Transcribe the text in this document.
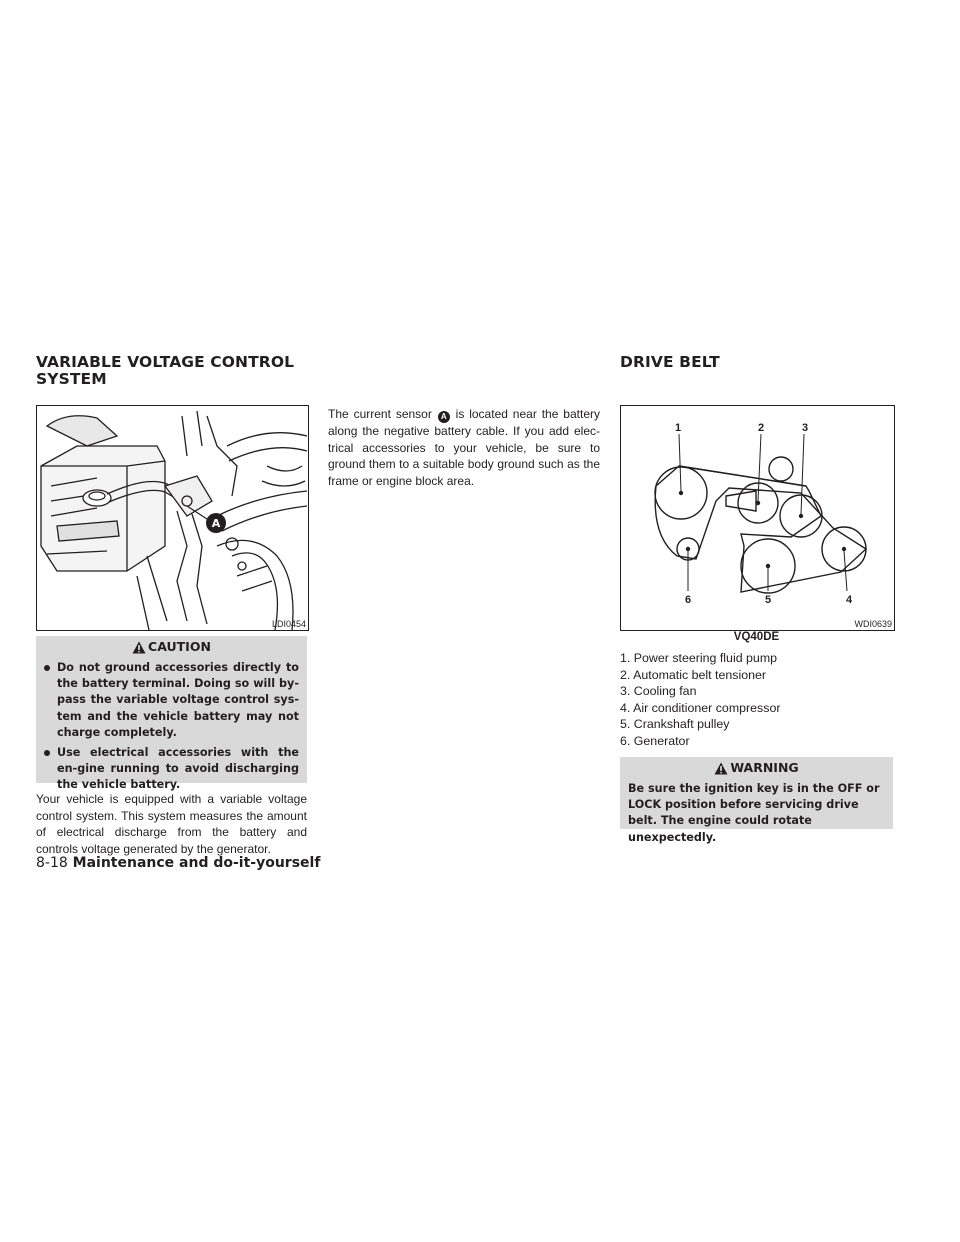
VARIABLE VOLTAGE CONTROL
SYSTEM
DRIVE BELT
A
LDI0454
CAUTION
Do not ground accessories directly to the battery terminal. Doing so will by-pass the variable voltage control sys-tem and the vehicle battery may not charge completely.
Use electrical accessories with the en-gine running to avoid discharging the vehicle battery.

Your vehicle is equipped with a variable voltage control system. This system measures the amount of electrical discharge from the battery and controls voltage generated by the generator.

The current sensor A is located near the battery along the negative battery cable. If you add elec-trical accessories to your vehicle, be sure to ground them to a suitable body ground such as the frame or engine block area.

1	2	3
4
5
6
WDI0639
VQ40DE
1. Power steering fluid pump
2. Automatic belt tensioner
3. Cooling fan
4. Air conditioner compressor
5. Crankshaft pulley
6. Generator
WARNING

Be sure the ignition key is in the OFF or LOCK position before servicing drive belt. The engine could rotate unexpectedly.

8-18 Maintenance and do-it-yourself
